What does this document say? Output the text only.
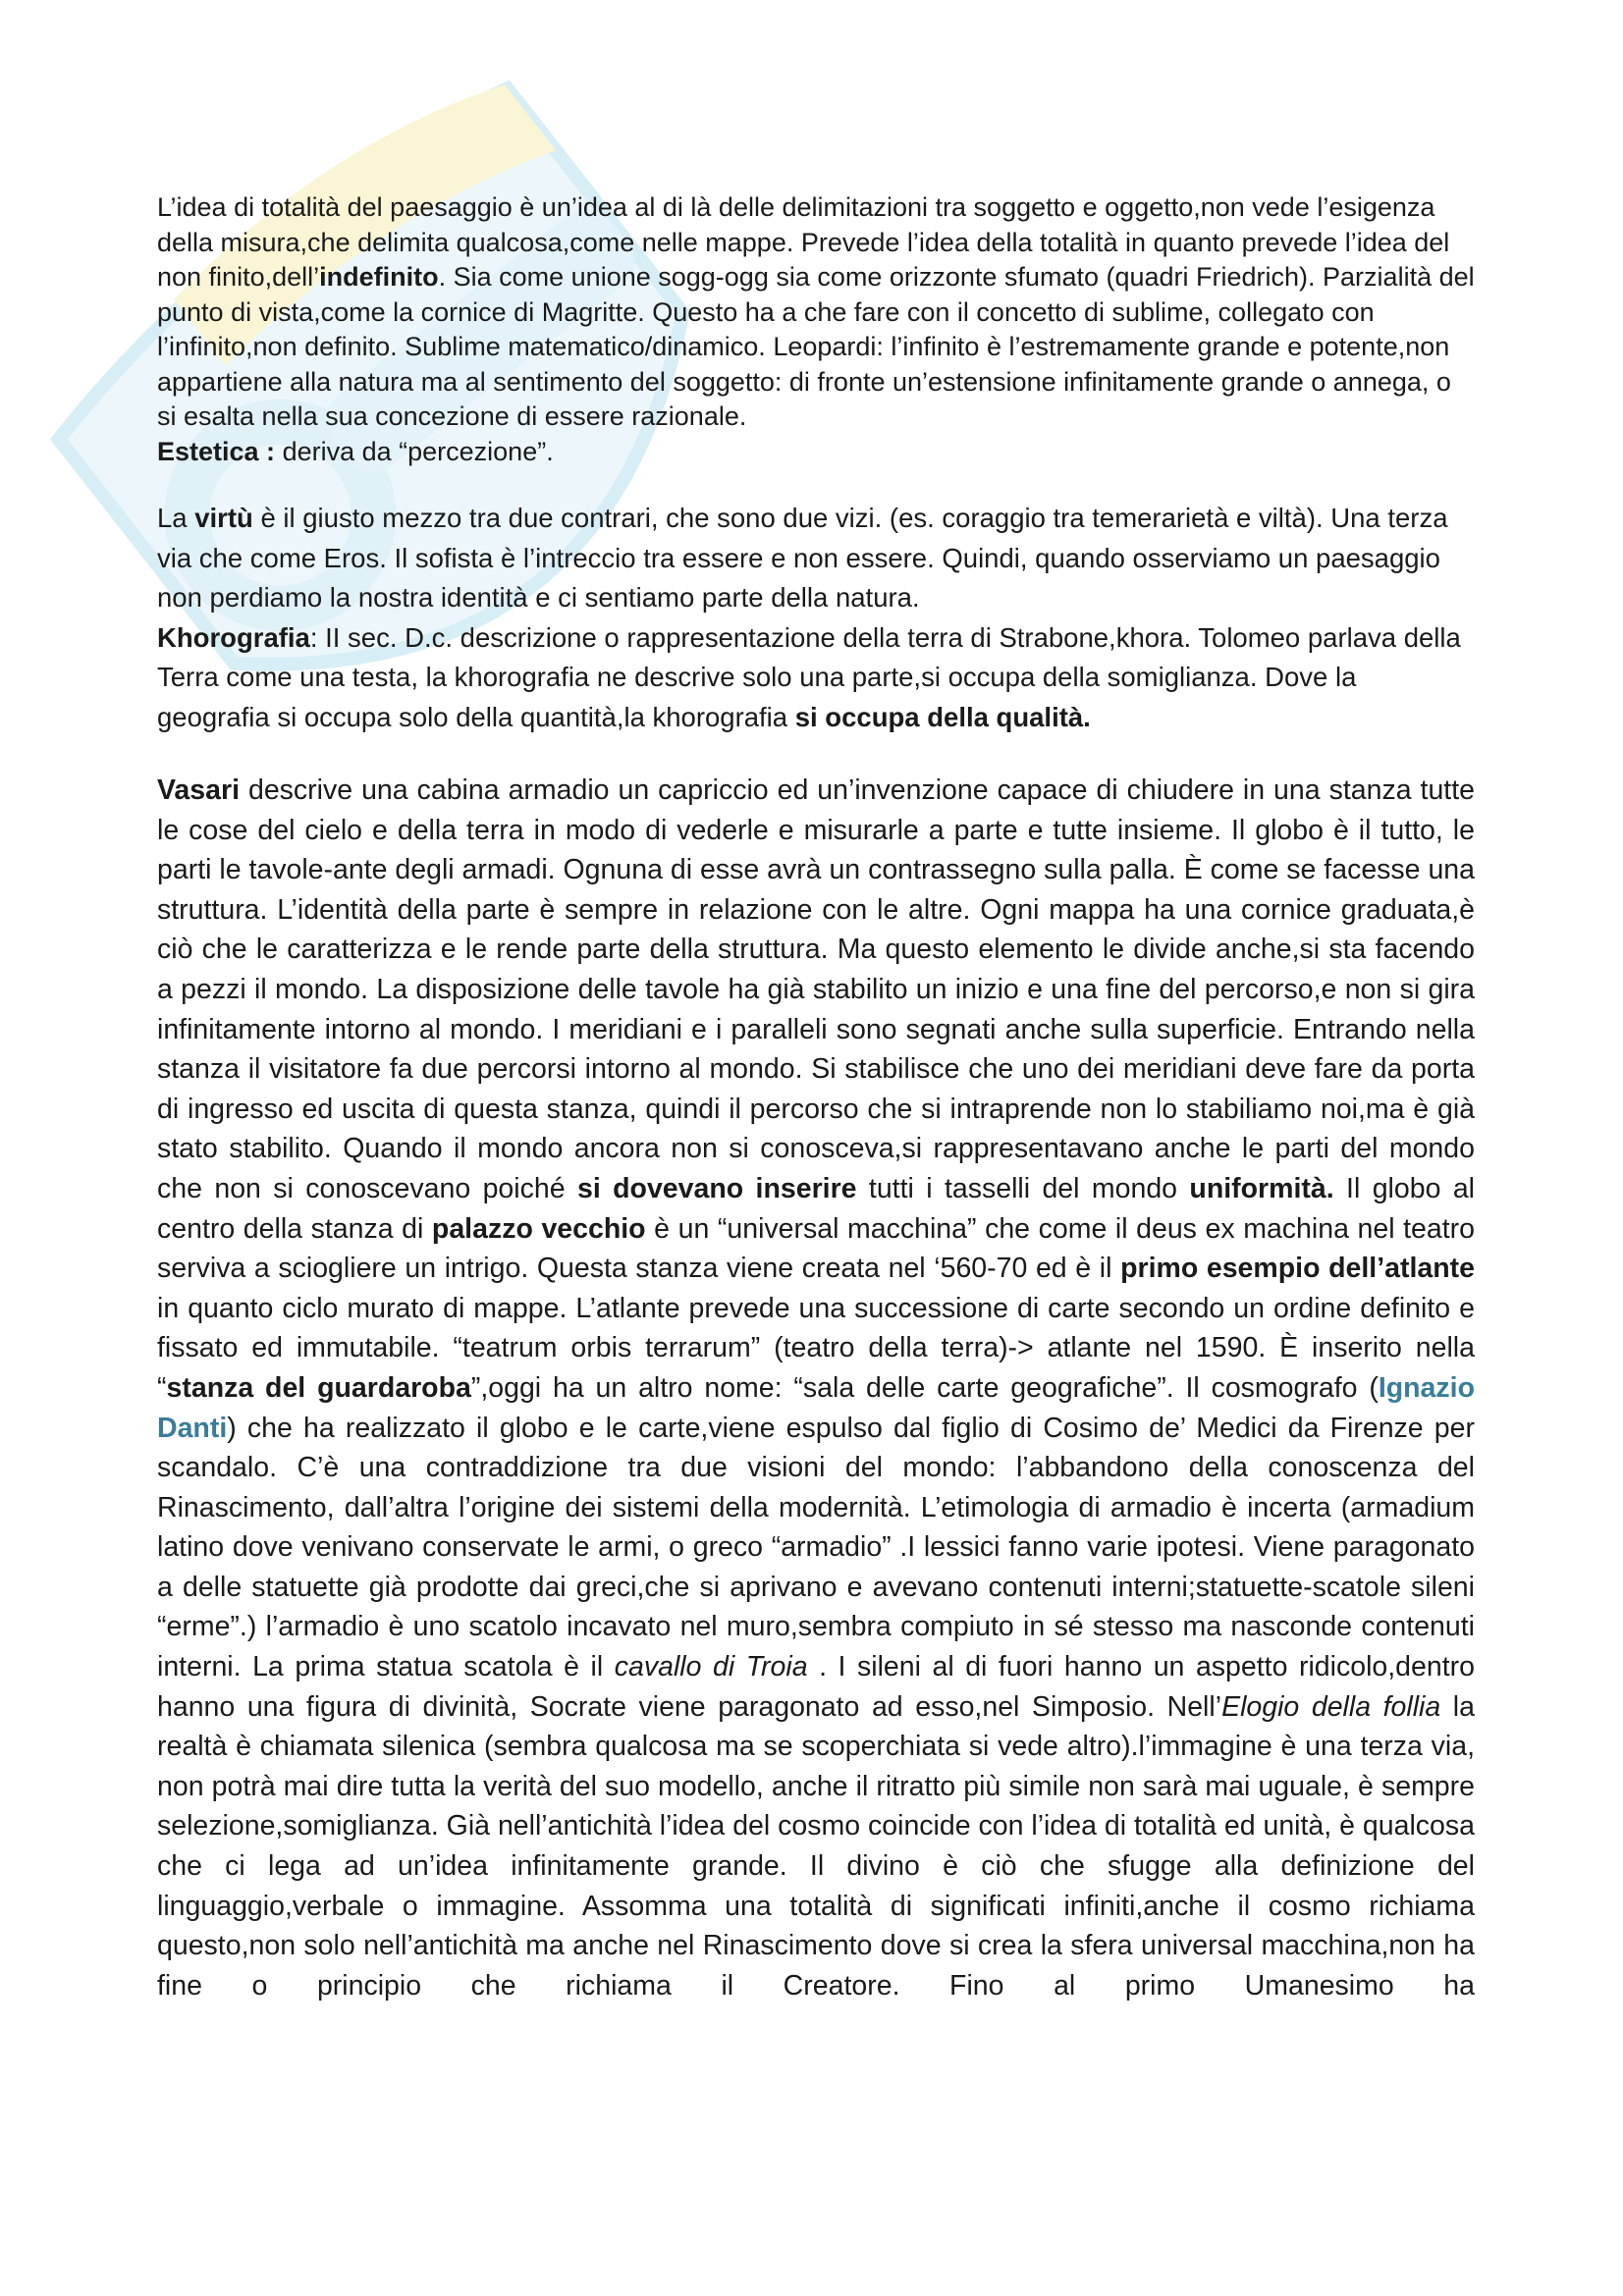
L’idea di totalità del paesaggio è un’idea al di là delle delimitazioni tra soggetto e oggetto,non vede l’esigenza della misura,che delimita qualcosa,come nelle mappe. Prevede l’idea della totalità in quanto prevede l’idea del non finito,dell’indefinito. Sia come unione sogg-ogg sia come orizzonte sfumato (quadri Friedrich). Parzialità del punto di vista,come la cornice di Magritte. Questo ha a che fare con il concetto di sublime, collegato con l’infinito,non definito. Sublime matematico/dinamico. Leopardi: l’infinito è l’estremamente grande e potente,non appartiene alla natura ma al sentimento del soggetto: di fronte un’estensione infinitamente grande o annega, o si esalta nella sua concezione di essere razionale.
Estetica : deriva da “percezione”.

La virtù è il giusto mezzo tra due contrari, che sono due vizi. (es. coraggio tra temerarietà e viltà). Una terza via che come Eros. Il sofista è l’intreccio tra essere e non essere. Quindi, quando osserviamo un paesaggio non perdiamo la nostra identità e ci sentiamo parte della natura.
Khorografia: II sec. D.c. descrizione o rappresentazione della terra di Strabone,khora. Tolomeo parlava della Terra come una testa, la khorografia ne descrive solo una parte,si occupa della somiglianza. Dove la geografia si occupa solo della quantità,la khorografia si occupa della qualità.

Vasari descrive una cabina armadio un capriccio ed un’invenzione capace di chiudere in una stanza tutte le cose del cielo e della terra in modo di vederle e misurarle a parte e tutte insieme. Il globo è il tutto, le parti le tavole-ante degli armadi. Ognuna di esse avrà un contrassegno sulla palla. È come se facesse una struttura. L’identità della parte è sempre in relazione con le altre. Ogni mappa ha una cornice graduata,è ciò che le caratterizza e le rende parte della struttura. Ma questo elemento le divide anche,si sta facendo a pezzi il mondo. La disposizione delle tavole ha già stabilito un inizio e una fine del percorso,e non si gira infinitamente intorno al mondo. I meridiani e i paralleli sono segnati anche sulla superficie. Entrando nella stanza il visitatore fa due percorsi intorno al mondo. Si stabilisce che uno dei meridiani deve fare da porta di ingresso ed uscita di questa stanza, quindi il percorso che si intraprende non lo stabiliamo noi,ma è già stato stabilito. Quando il mondo ancora non si conosceva,si rappresentavano anche le parti del mondo che non si conoscevano poiché si dovevano inserire tutti i tasselli del mondo uniformità. Il globo al centro della stanza di palazzo vecchio è un “universal macchina” che come il deus ex machina nel teatro serviva a sciogliere un intrigo. Questa stanza viene creata nel ‘560-70 ed è il primo esempio dell’atlante in quanto ciclo murato di mappe. L’atlante prevede una successione di carte secondo un ordine definito e fissato ed immutabile. “teatrum orbis terrarum” (teatro della terra)-> atlante nel 1590. È inserito nella “stanza del guardaroba”,oggi ha un altro nome: “sala delle carte geografiche”. Il cosmografo (Ignazio Danti) che ha realizzato il globo e le carte,viene espulso dal figlio di Cosimo de’ Medici da Firenze per scandalo. C’è una contraddizione tra due visioni del mondo: l’abbandono della conoscenza del Rinascimento, dall’altra l’origine dei sistemi della modernità. L’etimologia di armadio è incerta (armadium latino dove venivano conservate le armi, o greco “armadio” .I lessici fanno varie ipotesi. Viene paragonato a delle statuette già prodotte dai greci,che si aprivano e avevano contenuti interni;statuette-scatole sileni “erme”.) l’armadio è uno scatolo incavato nel muro,sembra compiuto in sé stesso ma nasconde contenuti interni. La prima statua scatola è il cavallo di Troia . I sileni al di fuori hanno un aspetto ridicolo,dentro hanno una figura di divinità, Socrate viene paragonato ad esso,nel Simposio. Nell’Elogio della follia la realtà è chiamata silenica (sembra qualcosa ma se scoperchiata si vede altro).l’immagine è una terza via, non potrà mai dire tutta la verità del suo modello, anche il ritratto più simile non sarà mai uguale, è sempre selezione,somiglianza. Già nell’antichità l’idea del cosmo coincide con l’idea di totalità ed unità, è qualcosa che ci lega ad un’idea infinitamente grande. Il divino è ciò che sfugge alla definizione del linguaggio,verbale o immagine. Assomma una totalità di significati infiniti,anche il cosmo richiama questo,non solo nell’antichità ma anche nel Rinascimento dove si crea la sfera universal macchina,non ha fine o principio che richiama il Creatore. Fino al primo Umanesimo ha
